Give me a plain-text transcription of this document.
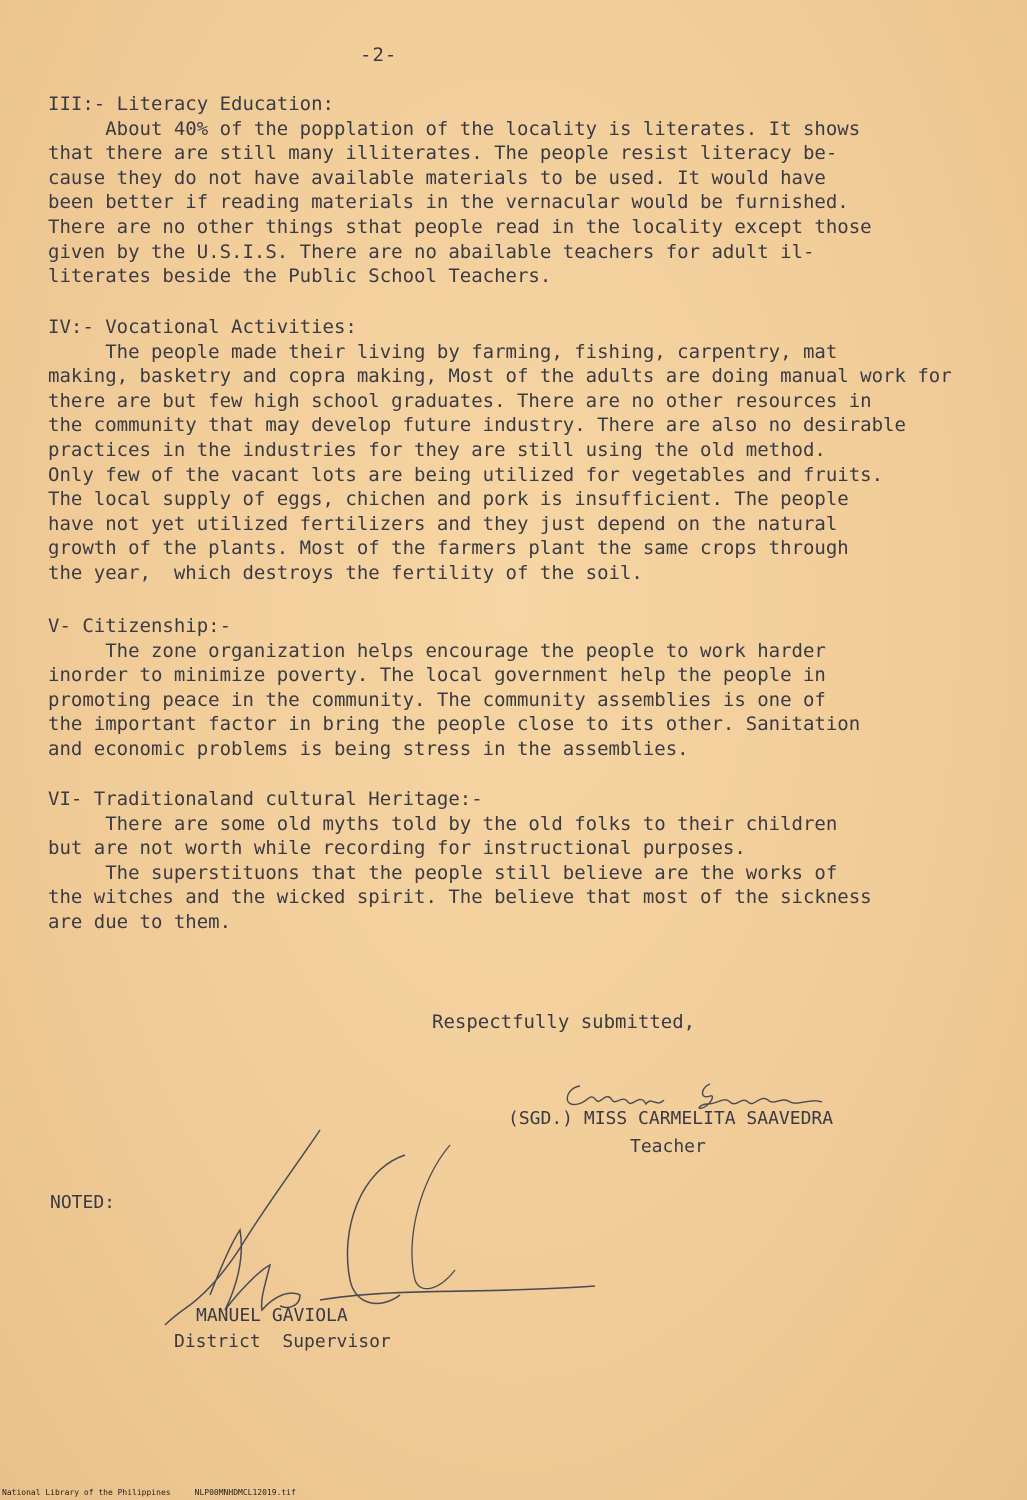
-2-
III:- Literacy Education:
About 40% of the popplation of the locality is literates. It shows
that there are still many illiterates. The people resist literacy be-
cause they do not have available materials to be used. It would have
been better if reading materials in the vernacular would be furnished.
There are no other things sthat people read in the locality except those
given by the U.S.I.S. There are no abailable teachers for adult il-
literates beside the Public School Teachers.
IV:- Vocational Activities:
The people made their living by farming, fishing, carpentry, mat
making, basketry and copra making, Most of the adults are doing manual work for
there are but few high school graduates. There are no other resources in
the community that may develop future industry. There are also no desirable
practices in the industries for they are still using the old method.
Only few of the vacant lots are being utilized for vegetables and fruits.
The local supply of eggs, chichen and pork is insufficient. The people
have not yet utilized fertilizers and they just depend on the natural
growth of the plants. Most of the farmers plant the same crops through
the year,  which destroys the fertility of the soil.
V- Citizenship:-
The zone organization helps encourage the people to work harder
inorder to minimize poverty. The local government help the people in
promoting peace in the community. The community assemblies is one of
the important factor in bring the people close to its other. Sanitation
and economic problems is being stress in the assemblies.
VI- Traditionaland cultural Heritage:-
There are some old myths told by the old folks to their children
but are not worth while recording for instructional purposes.
The superstituons that the people still believe are the works of
the witches and the wicked spirit. The believe that most of the sickness
are due to them.
Respectfully submitted,
(SGD.) MISS CARMELITA SAAVEDRA
Teacher
NOTED:
MANUEL GAVIOLA
District  Supervisor
National Library of the Philippines     NLP00MNHDMCL12019.tif
